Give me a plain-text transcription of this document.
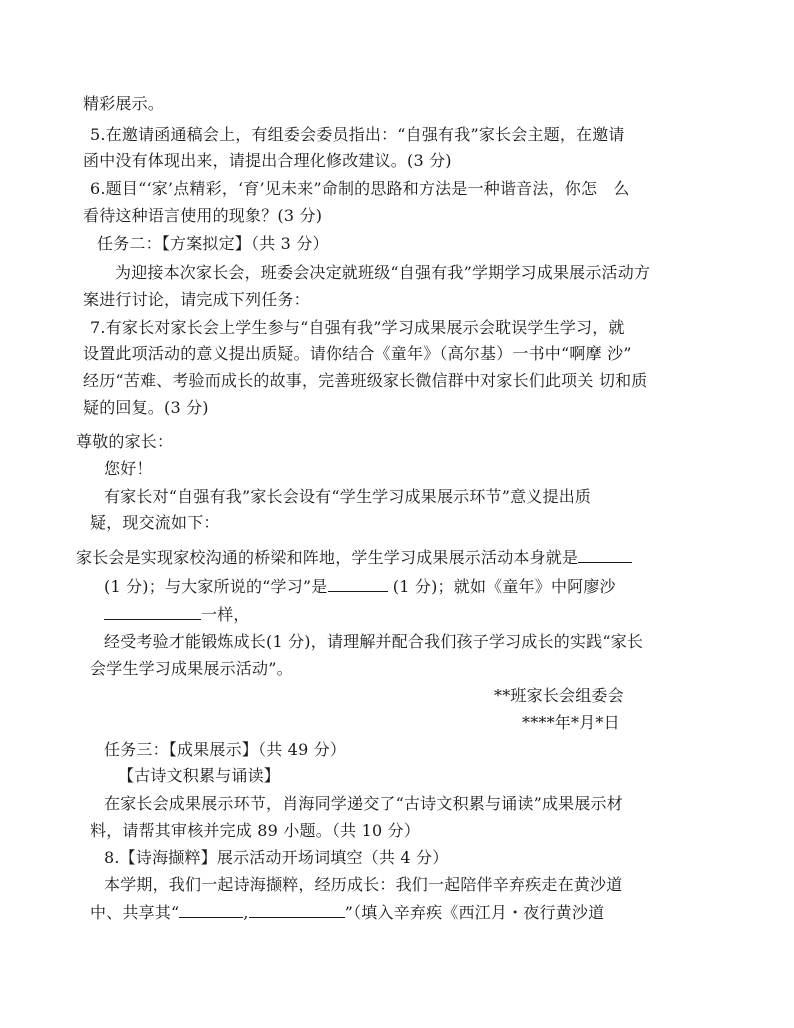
精彩展示。
5.在邀请函通稿会上，有组委会委员指出：“自强有我”家长会主题，在邀请
函中没有体现出来，请提出合理化修改建议。(3 分)
6.题目“‘家’点精彩，‘育’见未来”命制的思路和方法是一种谐音法，你怎　么
看待这种语言使用的现象？(3 分)
任务二：【方案拟定】（共 3 分）
为迎接本次家长会，班委会决定就班级“自强有我”学期学习成果展示活动方
案进行讨论，请完成下列任务：
7.有家长对家长会上学生参与“自强有我”学习成果展示会耽误学生学习，就
设置此项活动的意义提出质疑。请你结合《童年》（高尔基）一书中“啊摩 沙”
经历“苦难、考验而成长的故事，完善班级家长微信群中对家长们此项关 切和质
疑的回复。(3 分)
尊敬的家长：
您好！
有家长对“自强有我”家长会设有“学生学习成果展示环节”意义提出质
疑，现交流如下：
家长会是实现家校沟通的桥梁和阵地，学生学习成果展示活动本身就是
(1 分)；与大家所说的“学习”是	(1 分)；就如《童年》中阿廖沙
一样，
经受考验才能锻炼成长(1 分)，请理解并配合我们孩子学习成长的实践“家长
会学生学习成果展示活动”。
**班家长会组委会
****年*月*日
任务三：【成果展示】（共 49 分）
【古诗文积累与诵读】
在家长会成果展示环节，肖海同学递交了“古诗文积累与诵读”成果展示材
料，请帮其审核并完成 89 小题。（共 10 分）
8.【诗海撷粹】展示活动开场词填空（共 4 分）
本学期，我们一起诗海撷粹，经历成长：我们一起陪伴辛弃疾走在黄沙道
中、共享其“	,	”（填入辛弃疾《西江月・夜行黄沙道
